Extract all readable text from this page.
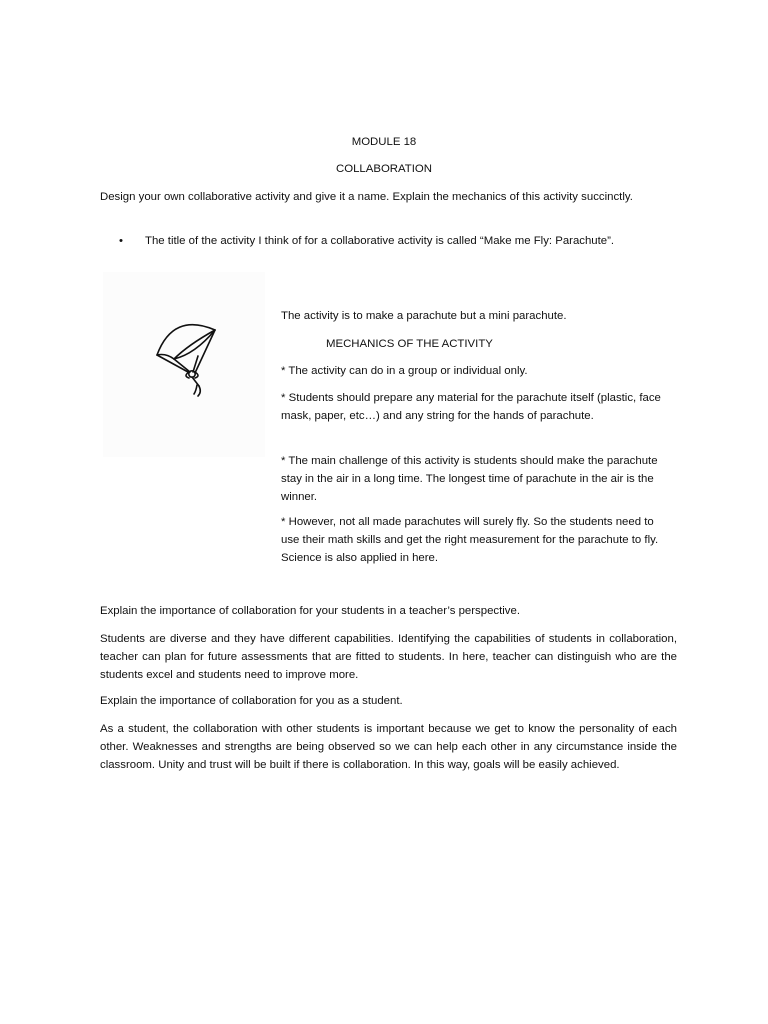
MODULE 18
COLLABORATION
Design your own collaborative activity and give it a name. Explain the mechanics of this activity succinctly.
•	The title of the activity I think of for a collaborative activity is called “Make me Fly: Parachute”.
The activity is to make a parachute but a mini parachute.
MECHANICS OF THE ACTIVITY
* The activity can do in a group or individual only.
* Students should prepare any material for the parachute itself (plastic, face mask, paper, etc…) and any string for the hands of parachute.
* The main challenge of this activity is students should make the parachute stay in the air in a long time. The longest time of parachute in the air is the winner.
* However, not all made parachutes will surely fly. So the students need to use their math skills and get the right measurement for the parachute to fly. Science is also applied in here.
Explain the importance of collaboration for your students in a teacher’s perspective.
Students are diverse and they have different capabilities. Identifying the capabilities of students in collaboration, teacher can plan for future assessments that are fitted to students. In here, teacher can distinguish who are the students excel and students need to improve more.
Explain the importance of collaboration for you as a student.
As a student, the collaboration with other students is important because we get to know the personality of each other. Weaknesses and strengths are being observed so we can help each other in any circumstance inside the classroom. Unity and trust will be built if there is collaboration. In this way, goals will be easily achieved.
